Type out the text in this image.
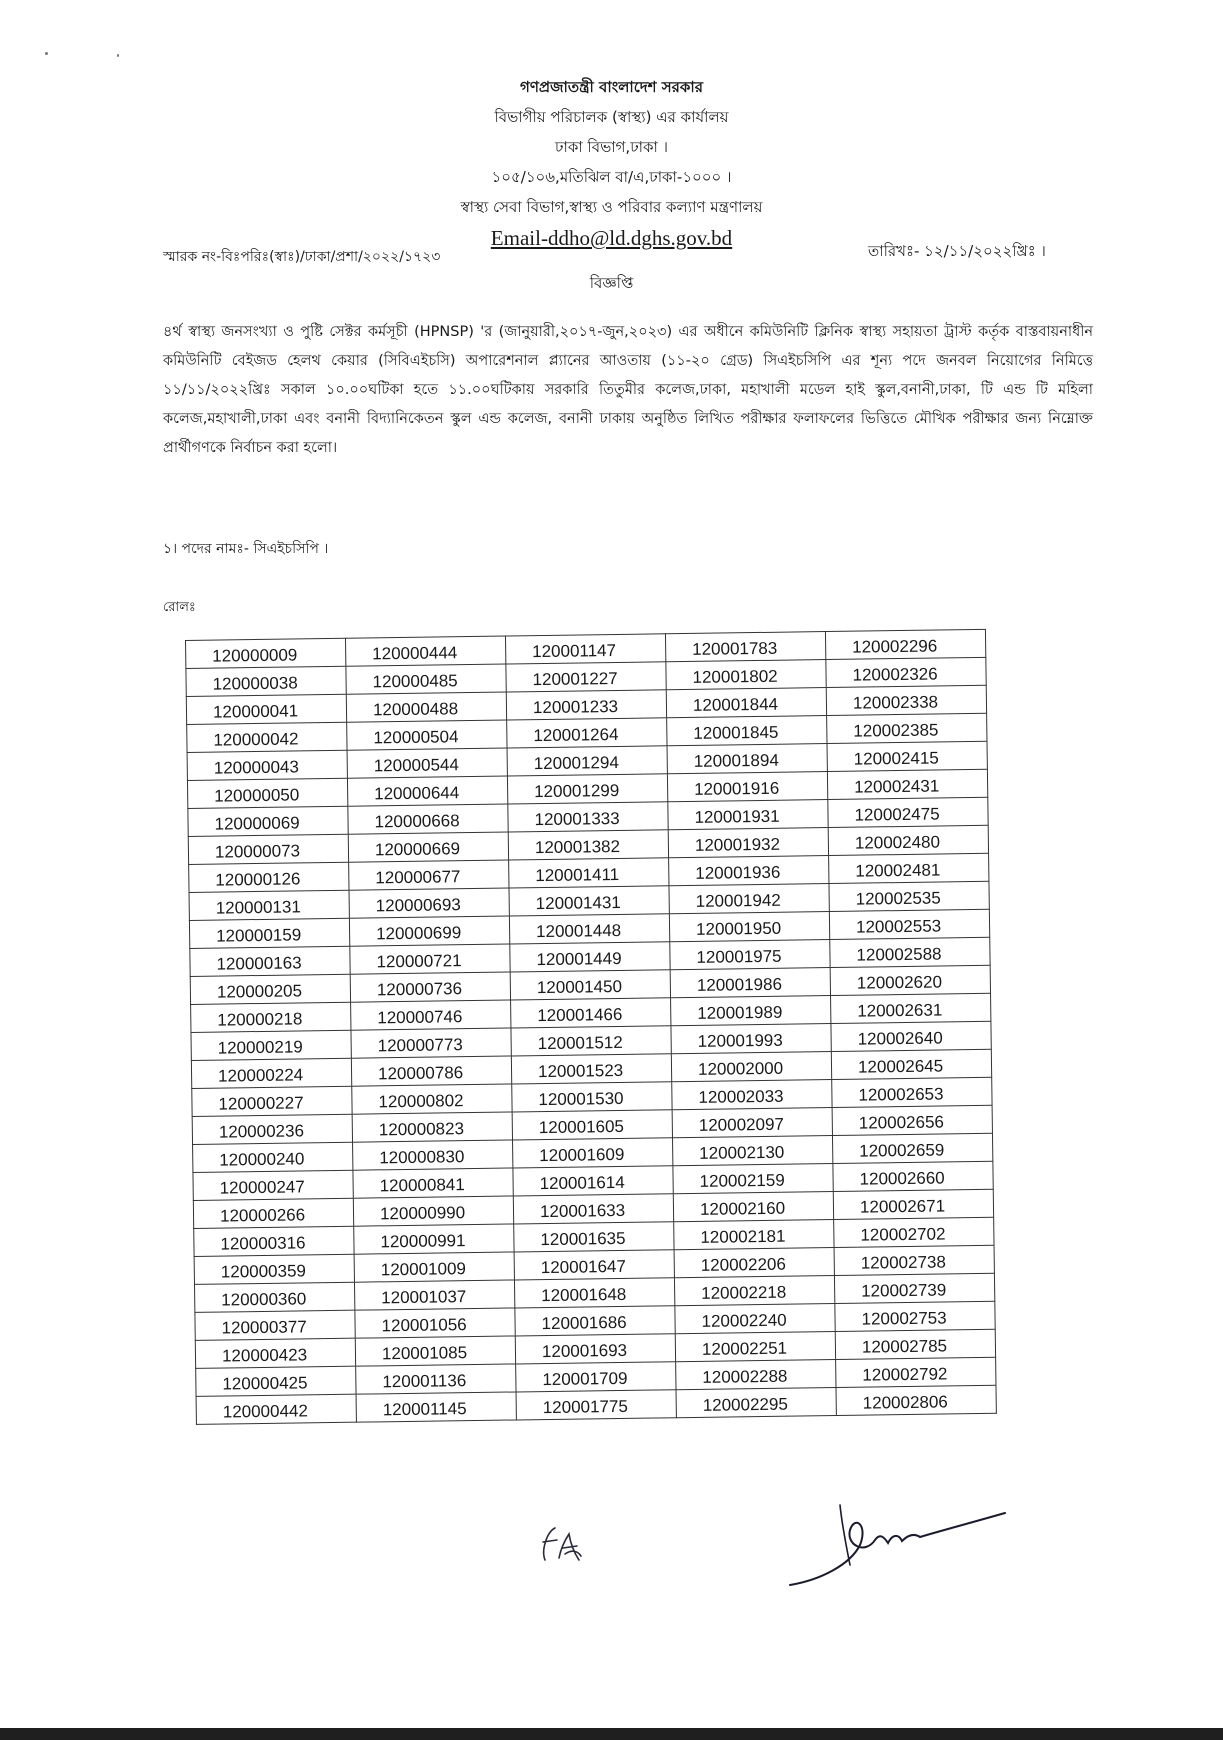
গণপ্রজাতন্ত্রী বাংলাদেশ সরকার
বিভাগীয় পরিচালক (স্বাস্থ্য) এর কার্যালয়
ঢাকা বিভাগ,ঢাকা ।
১০৫/১০৬,মতিঝিল বা/এ,ঢাকা-১০০০ ।
স্বাস্থ্য সেবা বিভাগ,স্বাস্থ্য ও পরিবার কল্যাণ মন্ত্রণালয়
Email-ddho@ld.dghs.gov.bd
স্মারক নং-বিঃপরিঃ(স্বাঃ)/ঢাকা/প্রশা/২০২২/১৭২৩	তারিখঃ- ১২/১১/২০২২খ্রিঃ ।
বিজ্ঞপ্তি
৪র্থ স্বাস্থ্য জনসংখ্যা ও পুষ্টি সেক্টর কর্মসূচী (HPNSP) 'র (জানুয়ারী,২০১৭-জুন,২০২৩) এর অধীনে কমিউনিটি ক্লিনিক স্বাস্থ্য সহায়তা ট্রাস্ট কর্তৃক বাস্তবায়নাধীন কমিউনিটি বেইজড হেলথ কেয়ার (সিবিএইচসি) অপারেশনাল প্ল্যানের আওতায় (১১-২০ গ্রেড) সিএইচসিপি এর শূন্য পদে জনবল নিয়োগের নিমিত্তে ১১/১১/২০২২খ্রিঃ সকাল ১০.০০ঘটিকা হতে ১১.০০ঘটিকায় সরকারি তিতুমীর কলেজ,ঢাকা, মহাখালী মডেল হাই স্কুল,বনানী,ঢাকা, টি এন্ড টি মহিলা কলেজ,মহাখালী,ঢাকা এবং বনানী বিদ্যানিকেতন স্কুল এন্ড কলেজ, বনানী ঢাকায় অনুষ্ঠিত লিখিত পরীক্ষার ফলাফলের ভিত্তিতে মৌখিক পরীক্ষার জন্য নিম্নোক্ত প্রার্থীগণকে নির্বাচন করা হলো।
১। পদের নামঃ- সিএইচসিপি ।
রোলঃ
120000009	120000444	120001147	120001783	120002296
120000038	120000485	120001227	120001802	120002326
120000041	120000488	120001233	120001844	120002338
120000042	120000504	120001264	120001845	120002385
120000043	120000544	120001294	120001894	120002415
120000050	120000644	120001299	120001916	120002431
120000069	120000668	120001333	120001931	120002475
120000073	120000669	120001382	120001932	120002480
120000126	120000677	120001411	120001936	120002481
120000131	120000693	120001431	120001942	120002535
120000159	120000699	120001448	120001950	120002553
120000163	120000721	120001449	120001975	120002588
120000205	120000736	120001450	120001986	120002620
120000218	120000746	120001466	120001989	120002631
120000219	120000773	120001512	120001993	120002640
120000224	120000786	120001523	120002000	120002645
120000227	120000802	120001530	120002033	120002653
120000236	120000823	120001605	120002097	120002656
120000240	120000830	120001609	120002130	120002659
120000247	120000841	120001614	120002159	120002660
120000266	120000990	120001633	120002160	120002671
120000316	120000991	120001635	120002181	120002702
120000359	120001009	120001647	120002206	120002738
120000360	120001037	120001648	120002218	120002739
120000377	120001056	120001686	120002240	120002753
120000423	120001085	120001693	120002251	120002785
120000425	120001136	120001709	120002288	120002792
120000442	120001145	120001775	120002295	120002806
